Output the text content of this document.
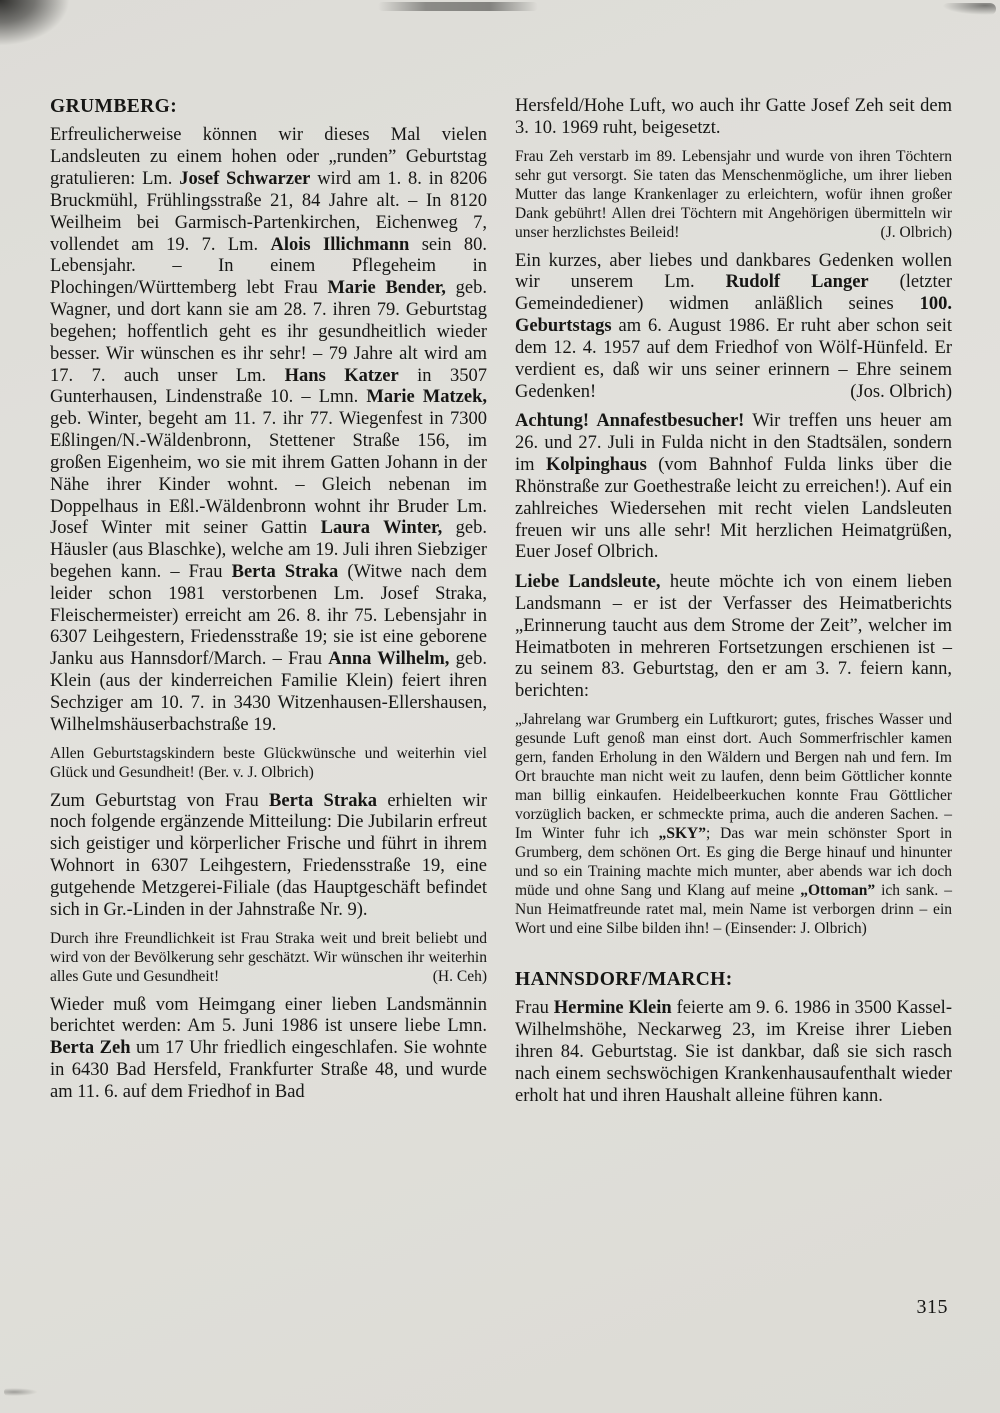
GRUMBERG:

Erfreulicherweise können wir dieses Mal vielen Landsleuten zu einem hohen oder „runden” Geburtstag gratulieren: Lm. Josef Schwarzer wird am 1. 8. in 8206 Bruckmühl, Frühlingsstraße 21, 84 Jahre alt. – In 8120 Weilheim bei Garmisch-Partenkirchen, Eichenweg 7, vollendet am 19. 7. Lm. Alois Illichmann sein 80. Lebensjahr. – In einem Pflegeheim in Plochingen/Württemberg lebt Frau Marie Bender, geb. Wagner, und dort kann sie am 28. 7. ihren 79. Geburtstag begehen; hoffentlich geht es ihr gesundheitlich wieder besser. Wir wünschen es ihr sehr! – 79 Jahre alt wird am 17. 7. auch unser Lm. Hans Katzer in 3507 Gunterhausen, Lindenstraße 10. – Lmn. Marie Matzek, geb. Winter, begeht am 11. 7. ihr 77. Wiegenfest in 7300 Eßlingen/N.-Wäldenbronn, Stettener Straße 156, im großen Eigenheim, wo sie mit ihrem Gatten Johann in der Nähe ihrer Kinder wohnt. – Gleich nebenan im Doppelhaus in Eßl.-Wäldenbronn wohnt ihr Bruder Lm. Josef Winter mit seiner Gattin Laura Winter, geb. Häusler (aus Blaschke), welche am 19. Juli ihren Siebziger begehen kann. – Frau Berta Straka (Witwe nach dem leider schon 1981 verstorbenen Lm. Josef Straka, Fleischermeister) erreicht am 26. 8. ihr 75. Lebensjahr in 6307 Leihgestern, Friedensstraße 19; sie ist eine geborene Janku aus Hannsdorf/March. – Frau Anna Wilhelm, geb. Klein (aus der kinderreichen Familie Klein) feiert ihren Sechziger am 10. 7. in 3430 Witzenhausen-Ellershausen, Wilhelmshäuserbachstraße 19.

Allen Geburtstagskindern beste Glückwünsche und weiterhin viel Glück und Gesundheit! (Ber. v. J. Olbrich)

Zum Geburtstag von Frau Berta Straka erhielten wir noch folgende ergänzende Mitteilung: Die Jubilarin erfreut sich geistiger und körperlicher Frische und führt in ihrem Wohnort in 6307 Leihgestern, Friedensstraße 19, eine gutgehende Metzgerei-Filiale (das Hauptgeschäft befindet sich in Gr.-Linden in der Jahnstraße Nr. 9).

Durch ihre Freundlichkeit ist Frau Straka weit und breit beliebt und wird von der Bevölkerung sehr geschätzt. Wir wünschen ihr weiterhin alles Gute und Gesundheit!	(H. Ceh)

Wieder muß vom Heimgang einer lieben Landsmännin berichtet werden: Am 5. Juni 1986 ist unsere liebe Lmn. Berta Zeh um 17 Uhr friedlich eingeschlafen. Sie wohnte in 6430 Bad Hersfeld, Frankfurter Straße 48, und wurde am 11. 6. auf dem Friedhof in Bad

Hersfeld/Hohe Luft, wo auch ihr Gatte Josef Zeh seit dem 3. 10. 1969 ruht, beigesetzt.

Frau Zeh verstarb im 89. Lebensjahr und wurde von ihren Töchtern sehr gut versorgt. Sie taten das Menschenmögliche, um ihrer lieben Mutter das lange Krankenlager zu erleichtern, wofür ihnen großer Dank gebührt! Allen drei Töchtern mit Angehörigen übermitteln wir unser herzlichstes Beileid!	(J. Olbrich)

Ein kurzes, aber liebes und dankbares Gedenken wollen wir unserem Lm. Rudolf Langer (letzter Gemeindediener) widmen anläßlich seines 100. Geburtstags am 6. August 1986. Er ruht aber schon seit dem 12. 4. 1957 auf dem Friedhof von Wölf-Hünfeld. Er verdient es, daß wir uns seiner erinnern – Ehre seinem Gedenken!	(Jos. Olbrich)

Achtung! Annafestbesucher! Wir treffen uns heuer am 26. und 27. Juli in Fulda nicht in den Stadtsälen, sondern im Kolpinghaus (vom Bahnhof Fulda links über die Rhönstraße zur Goethestraße leicht zu erreichen!). Auf ein zahlreiches Wiedersehen mit recht vielen Landsleuten freuen wir uns alle sehr! Mit herzlichen Heimatgrüßen, Euer Josef Olbrich.

Liebe Landsleute, heute möchte ich von einem lieben Landsmann – er ist der Verfasser des Heimatberichts „Erinnerung taucht aus dem Strome der Zeit”, welcher im Heimatboten in mehreren Fortsetzungen erschienen ist – zu seinem 83. Geburtstag, den er am 3. 7. feiern kann, berichten:

„Jahrelang war Grumberg ein Luftkurort; gutes, frisches Wasser und gesunde Luft genoß man einst dort. Auch Sommerfrischler kamen gern, fanden Erholung in den Wäldern und Bergen nah und fern. Im Ort brauchte man nicht weit zu laufen, denn beim Göttlicher konnte man billig einkaufen. Heidelbeerkuchen konnte Frau Göttlicher vorzüglich backen, er schmeckte prima, auch die anderen Sachen. – Im Winter fuhr ich „SKY”; Das war mein schönster Sport in Grumberg, dem schönen Ort. Es ging die Berge hinauf und hinunter und so ein Training machte mich munter, aber abends war ich doch müde und ohne Sang und Klang auf meine „Ottoman” ich sank. – Nun Heimatfreunde ratet mal, mein Name ist verborgen drinn – ein Wort und eine Silbe bilden ihn! – (Einsender: J. Olbrich)

HANNSDORF/MARCH:

Frau Hermine Klein feierte am 9. 6. 1986 in 3500 Kassel-Wilhelmshöhe, Neckarweg 23, im Kreise ihrer Lieben ihren 84. Geburtstag. Sie ist dankbar, daß sie sich rasch nach einem sechswöchigen Krankenhausaufenthalt wieder erholt hat und ihren Haushalt alleine führen kann.

315
